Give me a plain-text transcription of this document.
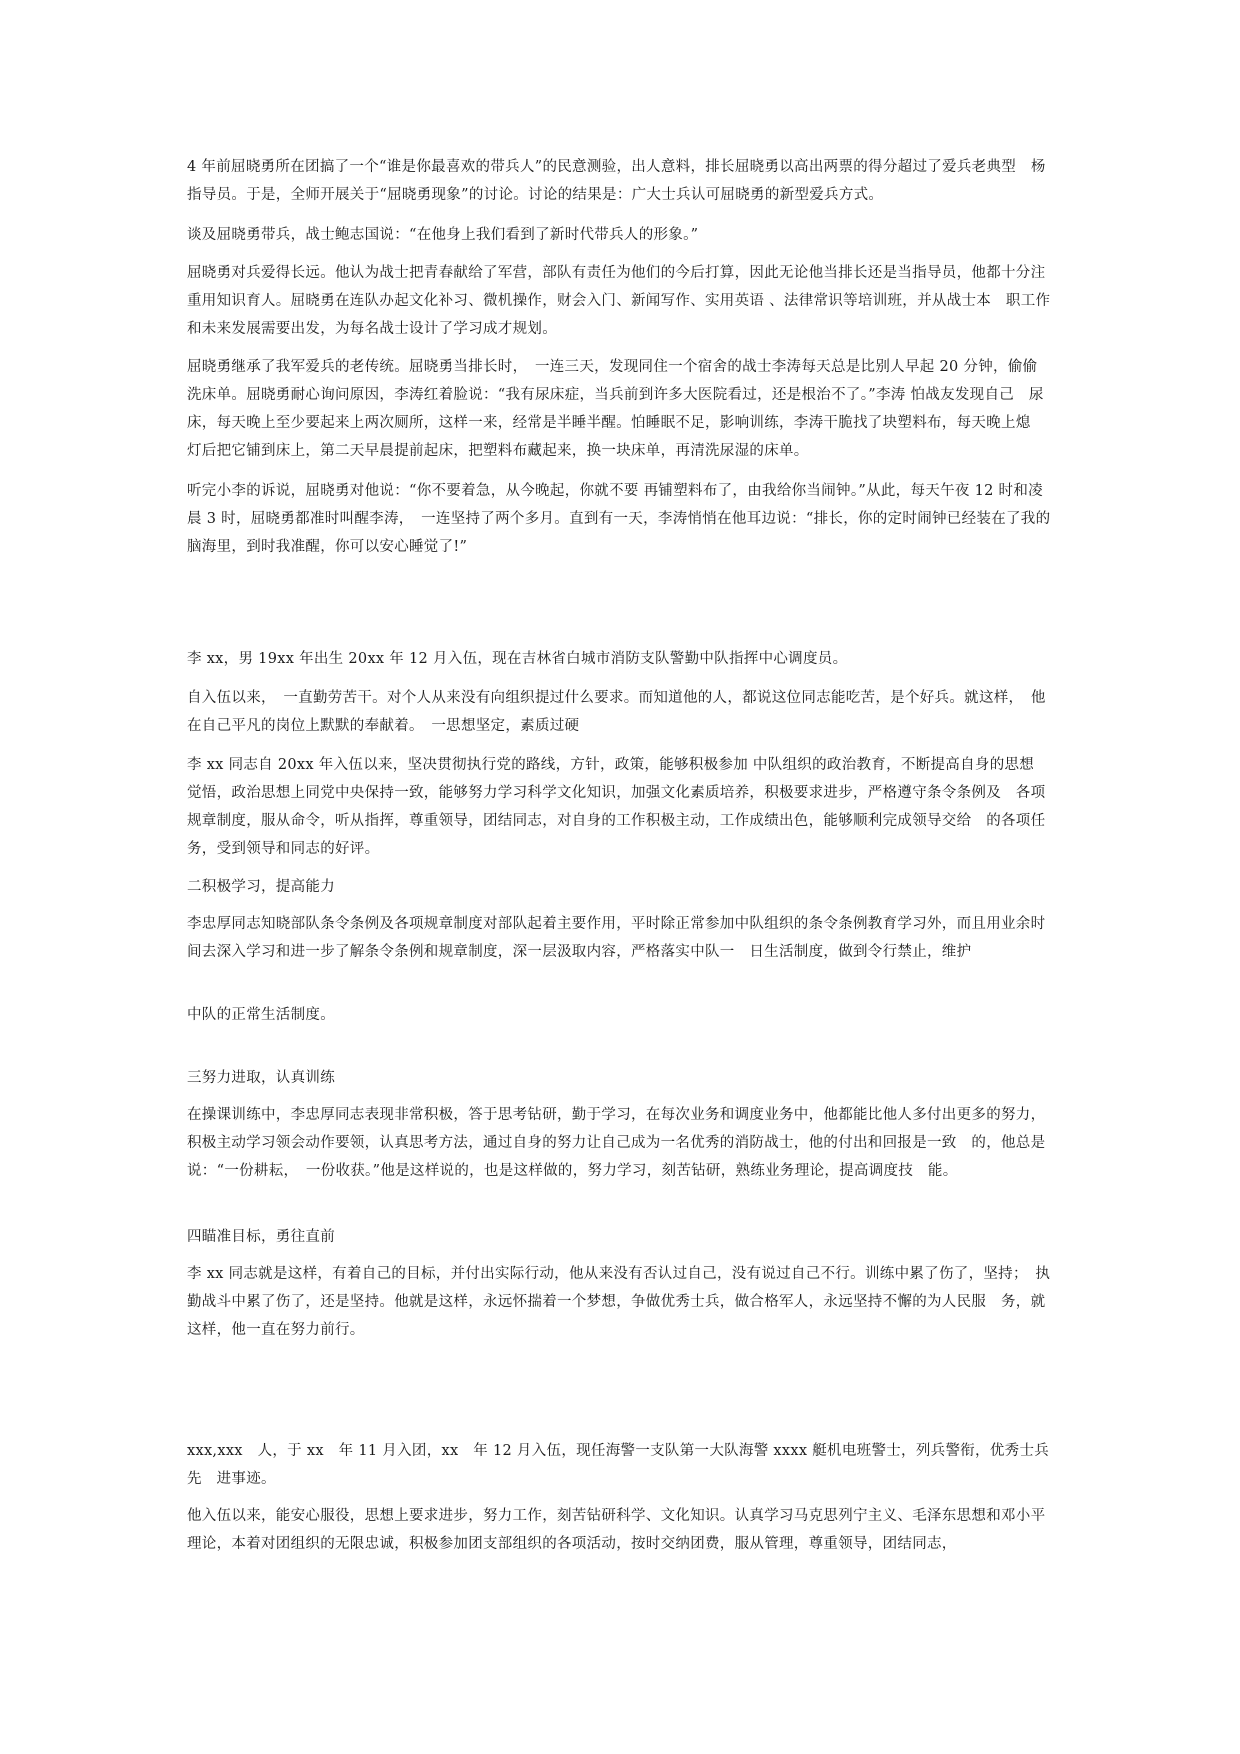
4 年前屈晓勇所在团搞了一个“谁是你最喜欢的带兵人”的民意测验，出人意料，排长屈晓勇以高出两票的得分超过了爱兵老典型　杨指导员。于是，全师开展关于“屈晓勇现象”的讨论。讨论的结果是：广大士兵认可屈晓勇的新型爱兵方式。

谈及屈晓勇带兵，战士鲍志国说：“在他身上我们看到了新时代带兵人的形象。”

屈晓勇对兵爱得长远。他认为战士把青春献给了军营，部队有责任为他们的今后打算，因此无论他当排长还是当指导员，他都十分注重用知识育人。屈晓勇在连队办起文化补习、微机操作，财会入门、新闻写作、实用英语 、法律常识等培训班，并从战士本　职工作和未来发展需要出发，为每名战士设计了学习成才规划。

屈晓勇继承了我军爱兵的老传统。屈晓勇当排长时，　一连三天，发现同住一个宿舍的战士李涛每天总是比别人早起 20 分钟，偷偷　洗床单。屈晓勇耐心询问原因，李涛红着脸说：“我有尿床症，当兵前到许多大医院看过，还是根治不了。”李涛 怕战友发现自己　尿床，每天晚上至少要起来上两次厕所，这样一来，经常是半睡半醒。怕睡眠不足，影响训练，李涛干脆找了块塑料布，每天晚上熄　灯后把它铺到床上，第二天早晨提前起床，把塑料布藏起来，换一块床单，再清洗尿湿的床单。

听完小李的诉说，屈晓勇对他说：“你不要着急，从今晚起，你就不要 再铺塑料布了，由我给你当闹钟。”从此，每天午夜 12 时和凌　晨 3 时，屈晓勇都准时叫醒李涛，　一连坚持了两个多月。直到有一天，李涛悄悄在他耳边说：“排长，你的定时闹钟已经装在了我的　脑海里，到时我准醒，你可以安心睡觉了!”

李 xx，男 19xx 年出生 20xx 年 12 月入伍，现在吉林省白城市消防支队警勤中队指挥中心调度员。

自入伍以来，　一直勤劳苦干。对个人从来没有向组织提过什么要求。而知道他的人，都说这位同志能吃苦，是个好兵。就这样，　他在自己平凡的岗位上默默的奉献着。　一思想坚定，素质过硬

李 xx 同志自 20xx 年入伍以来，坚决贯彻执行党的路线，方针，政策，能够积极参加 中队组织的政治教育，不断提高自身的思想　觉悟，政治思想上同党中央保持一致，能够努力学习科学文化知识，加强文化素质培养，积极要求进步，严格遵守条令条例及　各项规章制度，服从命令，听从指挥，尊重领导，团结同志，对自身的工作积极主动，工作成绩出色，能够顺利完成领导交给　的各项任务，受到领导和同志的好评。

二积极学习，提高能力

李忠厚同志知晓部队条令条例及各项规章制度对部队起着主要作用，平时除正常参加中队组织的条令条例教育学习外，而且用业余时间去深入学习和进一步了解条令条例和规章制度，深一层汲取内容，严格落实中队一　日生活制度，做到令行禁止，维护

中队的正常生活制度。

三努力进取，认真训练

在操课训练中，李忠厚同志表现非常积极，答于思考钻研，勤于学习，在每次业务和调度业务中，他都能比他人多付出更多的努力，积极主动学习领会动作要领，认真思考方法，通过自身的努力让自己成为一名优秀的消防战士，他的付出和回报是一致　的，他总是说：“一份耕耘，　一份收获。”他是这样说的，也是这样做的，努力学习，刻苦钻研，熟练业务理论，提高调度技　能。

四瞄准目标，勇往直前

李 xx 同志就是这样，有着自己的目标，并付出实际行动，他从来没有否认过自己，没有说过自己不行。训练中累了伤了，坚持；　执勤战斗中累了伤了，还是坚持。他就是这样，永远怀揣着一个梦想，争做优秀士兵，做合格军人，永远坚持不懈的为人民服　务，就这样，他一直在努力前行。

xxx,xxx　人，于 xx　年 11 月入团，xx　年 12 月入伍，现任海警一支队第一大队海警 xxxx 艇机电班警士，列兵警衔，优秀士兵先　进事迹。

他入伍以来，能安心服役，思想上要求进步，努力工作，刻苦钻研科学、文化知识。认真学习马克思列宁主义、毛泽东思想和邓小平理论，本着对团组织的无限忠诚，积极参加团支部组织的各项活动，按时交纳团费，服从管理，尊重领导，团结同志，
